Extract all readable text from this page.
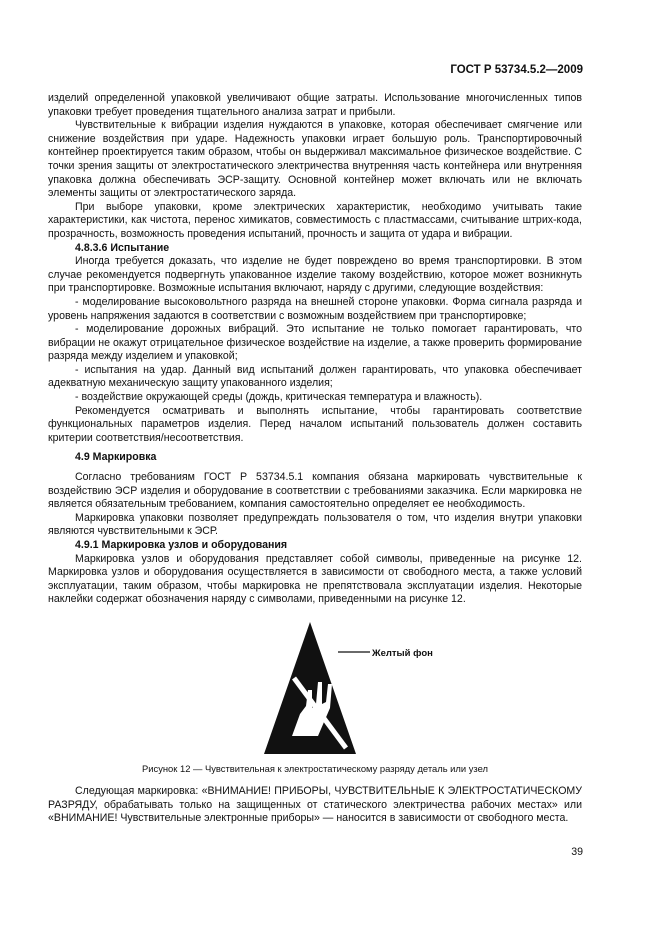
ГОСТ Р 53734.5.2—2009

изделий определенной упаковкой увеличивают общие затраты. Использование многочисленных типов упаковки требует проведения тщательного анализа затрат и прибыли.

Чувствительные к вибрации изделия нуждаются в упаковке, которая обеспечивает смягчение или снижение воздействия при ударе. Надежность упаковки играет большую роль. Транспортировочный контейнер проектируется таким образом, чтобы он выдерживал максимальное физическое воздействие. С точки зрения защиты от электростатического электричества внутренняя часть контейнера или внутренняя упаковка должна обеспечивать ЭСР-защиту. Основной контейнер может включать или не включать элементы защиты от электростатического заряда.

При выборе упаковки, кроме электрических характеристик, необходимо учитывать такие характеристики, как чистота, перенос химикатов, совместимость с пластмассами, считывание штрих-кода, прозрачность, возможность проведения испытаний, прочность и защита от удара и вибрации.

4.8.3.6 Испытание

Иногда требуется доказать, что изделие не будет повреждено во время транспортировки. В этом случае рекомендуется подвергнуть упакованное изделие такому воздействию, которое может возникнуть при транспортировке. Возможные испытания включают, наряду с другими, следующие воздействия:

- моделирование высоковольтного разряда на внешней стороне упаковки. Форма сигнала разряда и уровень напряжения задаются в соответствии с возможным воздействием при транспортировке;

- моделирование дорожных вибраций. Это испытание не только помогает гарантировать, что вибрации не окажут отрицательное физическое воздействие на изделие, а также проверить формирование разряда между изделием и упаковкой;

- испытания на удар. Данный вид испытаний должен гарантировать, что упаковка обеспечивает адекватную механическую защиту упакованного изделия;

- воздействие окружающей среды (дождь, критическая температура и влажность).

Рекомендуется осматривать и выполнять испытание, чтобы гарантировать соответствие функциональных параметров изделия. Перед началом испытаний пользователь должен составить критерии соответствия/несоответствия.

4.9 Маркировка

Согласно требованиям ГОСТ Р 53734.5.1 компания обязана маркировать чувствительные к воздействию ЭСР изделия и оборудование в соответствии с требованиями заказчика. Если маркировка не является обязательным требованием, компания самостоятельно определяет ее необходимость.

Маркировка упаковки позволяет предупреждать пользователя о том, что изделия внутри упаковки являются чувствительными к ЭСР.

4.9.1 Маркировка узлов и оборудования

Маркировка узлов и оборудования представляет собой символы, приведенные на рисунке 12. Маркировка узлов и оборудования осуществляется в зависимости от свободного места, а также условий эксплуатации, таким образом, чтобы маркировка не препятствовала эксплуатации изделия. Некоторые наклейки содержат обозначения наряду с символами, приведенными на рисунке 12.

Желтый фон
Рисунок 12 — Чувствительная к электростатическому разряду деталь или узел

Следующая маркировка: «ВНИМАНИЕ! ПРИБОРЫ, ЧУВСТВИТЕЛЬНЫЕ К ЭЛЕКТРОСТАТИЧЕСКОМУ РАЗРЯДУ, обрабатывать только на защищенных от статического электричества рабочих местах» или «ВНИМАНИЕ! Чувствительные электронные приборы» — наносится в зависимости от свободного места.

39
